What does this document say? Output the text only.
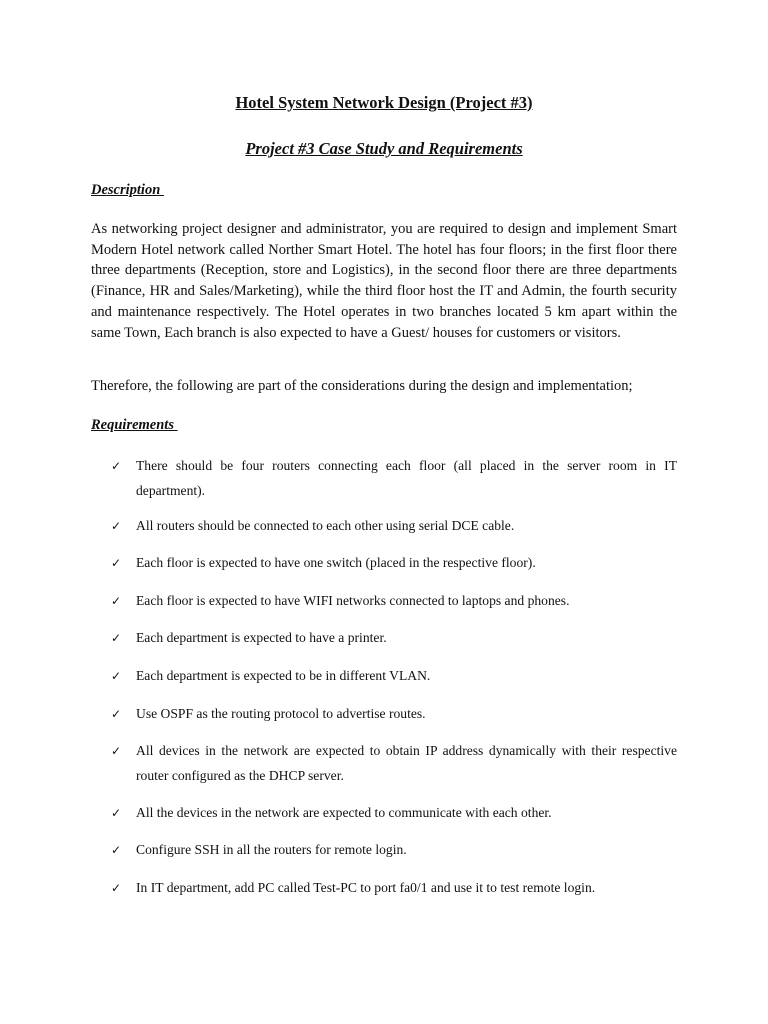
Hotel System Network Design (Project #3)
Project #3 Case Study and Requirements
Description

As networking project designer and administrator, you are required to design and implement Smart Modern Hotel network called Norther Smart Hotel. The hotel has four floors; in the first floor there three departments (Reception, store and Logistics), in the second floor there are three departments (Finance, HR and Sales/Marketing), while the third floor host the IT and Admin, the fourth security and maintenance respectively. The Hotel operates in two branches located 5 km apart within the same Town, Each branch is also expected to have a Guest/ houses for customers or visitors.

Therefore, the following are part of the considerations during the design and implementation;

Requirements
✓	There should be four routers connecting each floor (all placed in the server room in IT department).
✓	All routers should be connected to each other using serial DCE cable.
✓	Each floor is expected to have one switch (placed in the respective floor).
✓	Each floor is expected to have WIFI networks connected to laptops and phones.
✓	Each department is expected to have a printer.
✓	Each department is expected to be in different VLAN.
✓	Use OSPF as the routing protocol to advertise routes.
✓	All devices in the network are expected to obtain IP address dynamically with their respective router configured as the DHCP server.
✓	All the devices in the network are expected to communicate with each other.
✓	Configure SSH in all the routers for remote login.
✓	In IT department, add PC called Test-PC to port fa0/1 and use it to test remote login.
